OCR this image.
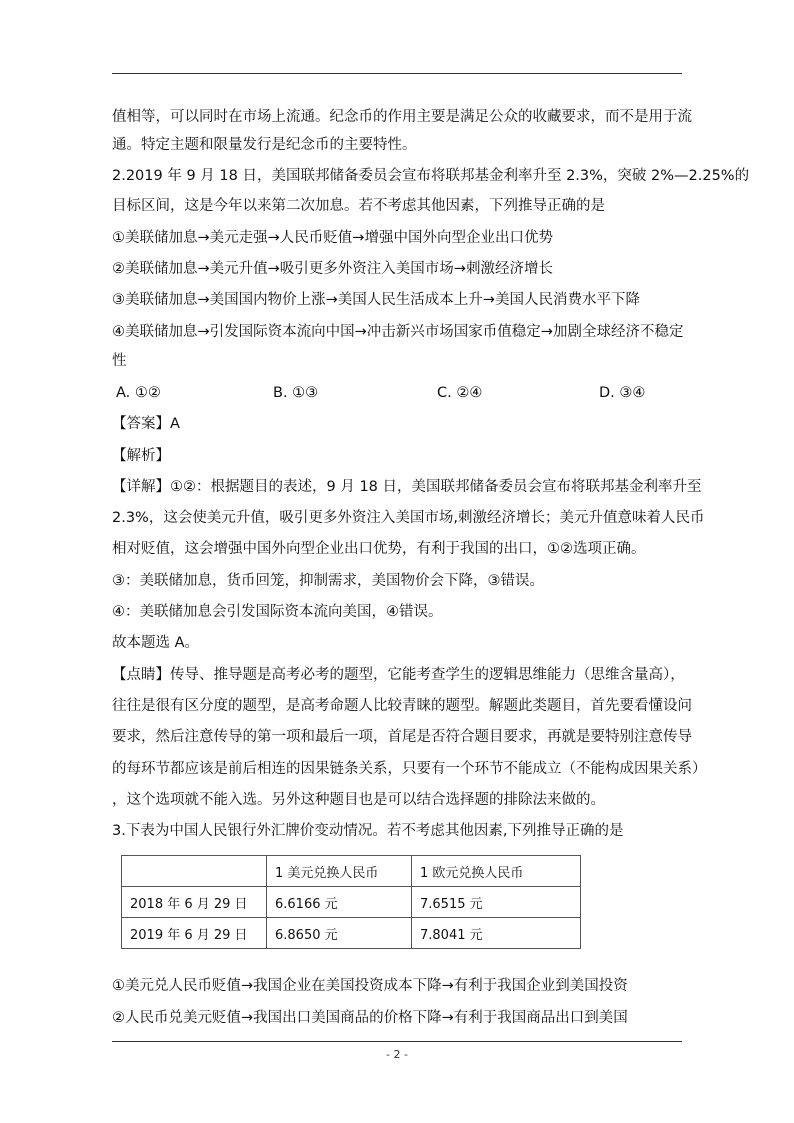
值相等，可以同时在市场上流通。纪念币的作用主要是满足公众的收藏要求，而不是用于流
通。特定主题和限量发行是纪念币的主要特性。
2.2019 年 9 月 18 日，美国联邦储备委员会宣布将联邦基金利率升至 2.3%，突破 2%—2.25%的
目标区间，这是今年以来第二次加息。若不考虑其他因素，下列推导正确的是
①美联储加息→美元走强→人民币贬值→增强中国外向型企业出口优势
②美联储加息→美元升值→吸引更多外资注入美国市场→刺激经济增长
③美联储加息→美国国内物价上涨→美国人民生活成本上升→美国人民消费水平下降
④美联储加息→引发国际资本流向中国→冲击新兴市场国家币值稳定→加剧全球经济不稳定
性
A. ①②	B. ①③	C. ②④	D. ③④
【答案】A
【解析】
【详解】①②：根据题目的表述，9 月 18 日，美国联邦储备委员会宣布将联邦基金利率升至
2.3%，这会使美元升值，吸引更多外资注入美国市场,刺激经济增长；美元升值意味着人民币
相对贬值，这会增强中国外向型企业出口优势，有利于我国的出口，①②选项正确。
③：美联储加息，货币回笼，抑制需求，美国物价会下降，③错误。
④：美联储加息会引发国际资本流向美国，④错误。
故本题选 A。
【点睛】传导、推导题是高考必考的题型，它能考查学生的逻辑思维能力（思维含量高），
往往是很有区分度的题型，是高考命题人比较青睐的题型。解题此类题目，首先要看懂设问
要求，然后注意传导的第一项和最后一项，首尾是否符合题目要求，再就是要特别注意传导
的每环节都应该是前后相连的因果链条关系，只要有一个环节不能成立（不能构成因果关系）
，这个选项就不能入选。另外这种题目也是可以结合选择题的排除法来做的。
3.下表为中国人民银行外汇牌价变动情况。若不考虑其他因素,下列推导正确的是
	1 美元兑换人民币	1 欧元兑换人民币
2018 年 6 月 29 日	6.6166 元	7.6515 元
2019 年 6 月 29 日	6.8650 元	7.8041 元
①美元兑人民币贬值→我国企业在美国投资成本下降→有利于我国企业到美国投资
②人民币兑美元贬值→我国出口美国商品的价格下降→有利于我国商品出口到美国
- 2 -
